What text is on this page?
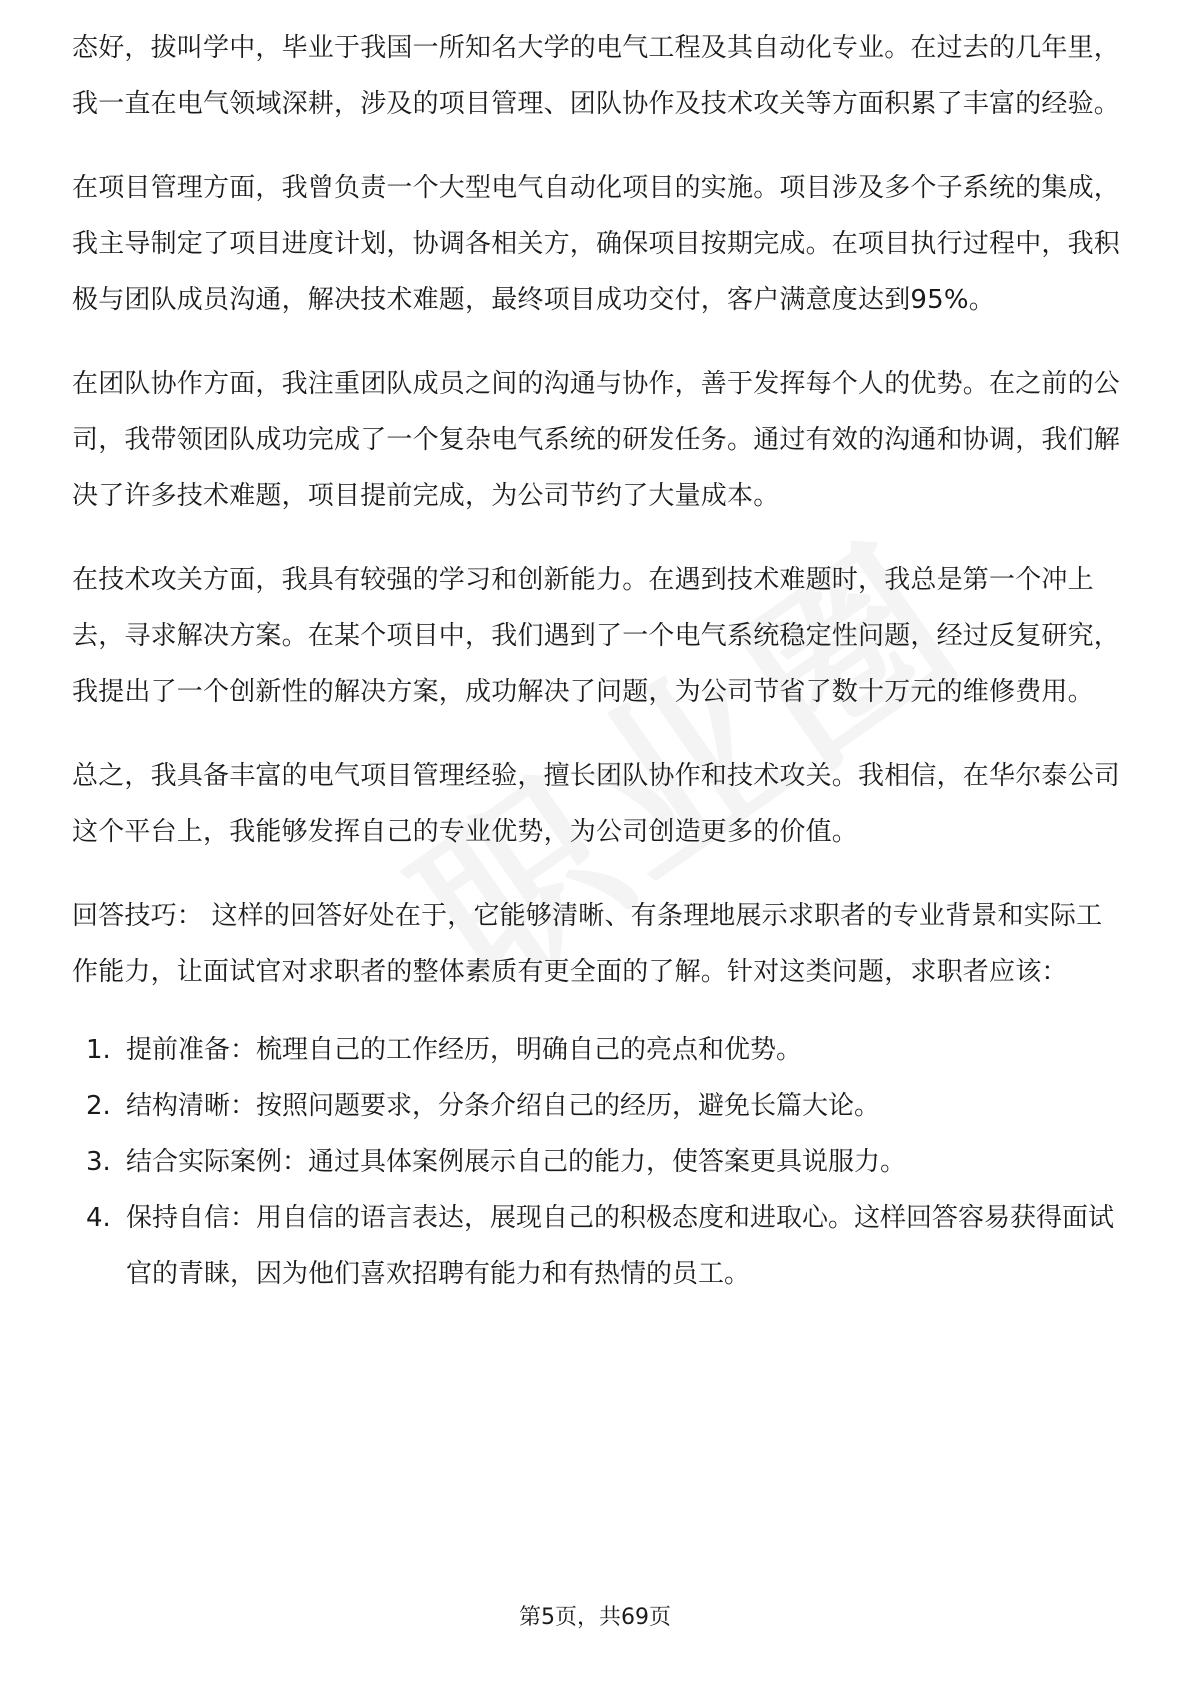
态好，拔叫学中，毕业于我国一所知名大学的电气工程及其自动化专业。在过去的几年里，我一直在电气领域深耕，涉及的项目管理、团队协作及技术攻关等方面积累了丰富的经验。

在项目管理方面，我曾负责一个大型电气自动化项目的实施。项目涉及多个子系统的集成，我主导制定了项目进度计划，协调各相关方，确保项目按期完成。在项目执行过程中，我积极与团队成员沟通，解决技术难题，最终项目成功交付，客户满意度达到95%。

在团队协作方面，我注重团队成员之间的沟通与协作，善于发挥每个人的优势。在之前的公司，我带领团队成功完成了一个复杂电气系统的研发任务。通过有效的沟通和协调，我们解决了许多技术难题，项目提前完成，为公司节约了大量成本。

在技术攻关方面，我具有较强的学习和创新能力。在遇到技术难题时，我总是第一个冲上去，寻求解决方案。在某个项目中，我们遇到了一个电气系统稳定性问题，经过反复研究，我提出了一个创新性的解决方案，成功解决了问题，为公司节省了数十万元的维修费用。

总之，我具备丰富的电气项目管理经验，擅长团队协作和技术攻关。我相信，在华尔泰公司这个平台上，我能够发挥自己的专业优势，为公司创造更多的价值。

回答技巧： 这样的回答好处在于，它能够清晰、有条理地展示求职者的专业背景和实际工作能力，让面试官对求职者的整体素质有更全面的了解。针对这类问题，求职者应该：

1. 提前准备：梳理自己的工作经历，明确自己的亮点和优势。
2. 结构清晰：按照问题要求，分条介绍自己的经历，避免长篇大论。
3. 结合实际案例：通过具体案例展示自己的能力，使答案更具说服力。
4. 保持自信：用自信的语言表达，展现自己的积极态度和进取心。这样回答容易获得面试官的青睐，因为他们喜欢招聘有能力和有热情的员工。
第5页，共69页
